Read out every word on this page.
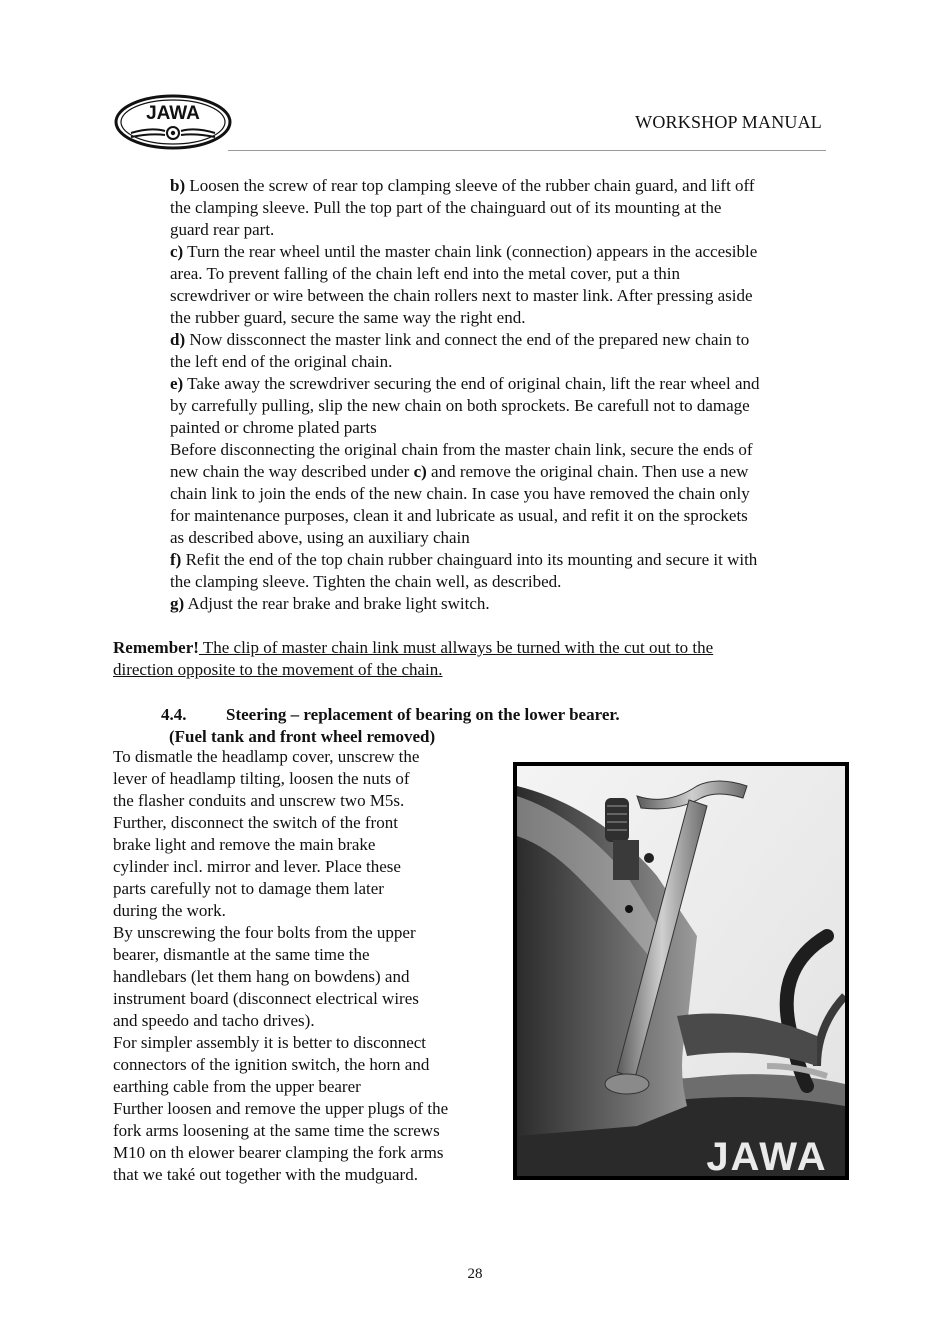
JAWA	WORKSHOP MANUAL

b) Loosen the screw of rear top clamping sleeve of the rubber chain guard, and lift off
the clamping sleeve. Pull the top part of the chainguard out of its mounting at the
guard rear part.

c) Turn the rear wheel until the master chain link (connection) appears in the accesible
area. To prevent falling of the chain left end into the metal cover, put a thin
screwdriver or wire between the chain rollers next to master link. After pressing aside
the rubber guard, secure the same way the right end.

d) Now dissconnect the master link and connect the end of the prepared new chain to
the left end of the original chain.

e) Take away the screwdriver securing the end of original chain, lift the rear wheel and
by carrefully pulling, slip the new chain on both sprockets. Be carefull not to damage
painted or chrome plated parts

Before disconnecting the original chain from the master chain link, secure the ends of
new chain the way described under c) and remove the original chain. Then use a new
chain link to join the ends of the new chain. In case you have removed the chain only
for maintenance purposes, clean it and lubricate as usual, and refit it on the sprockets
as described above, using an auxiliary chain

f) Refit the end of the top chain rubber chainguard into its mounting and secure it with
the clamping sleeve. Tighten the chain well, as described.

g) Adjust the rear brake and brake light switch.

Remember! The clip of master chain link must allways be turned with the cut out to the
direction opposite to the movement of the chain.

4.4. Steering – replacement of bearing on the lower bearer.
(Fuel tank and front wheel removed)

To dismatle the headlamp cover, unscrew the
lever of headlamp tilting, loosen the nuts of
the flasher conduits and unscrew two M5s.
Further, disconnect the switch of the front
brake light and remove the main brake
cylinder incl. mirror and lever. Place these
parts carefully not to damage them later
during the work.
By unscrewing the four bolts from the upper
bearer, dismantle at the same time the
handlebars (let them hang on bowdens) and
instrument board (disconnect electrical wires
and speedo and tacho drives).
For simpler assembly it is better to disconnect
connectors of the ignition switch, the horn and
earthing cable from the upper bearer
Further loosen and remove the upper plugs of the
fork arms loosening at the same time the screws
M10 on th elower bearer clamping the fork arms
that we také out together with the mudguard.	JAWA
28
